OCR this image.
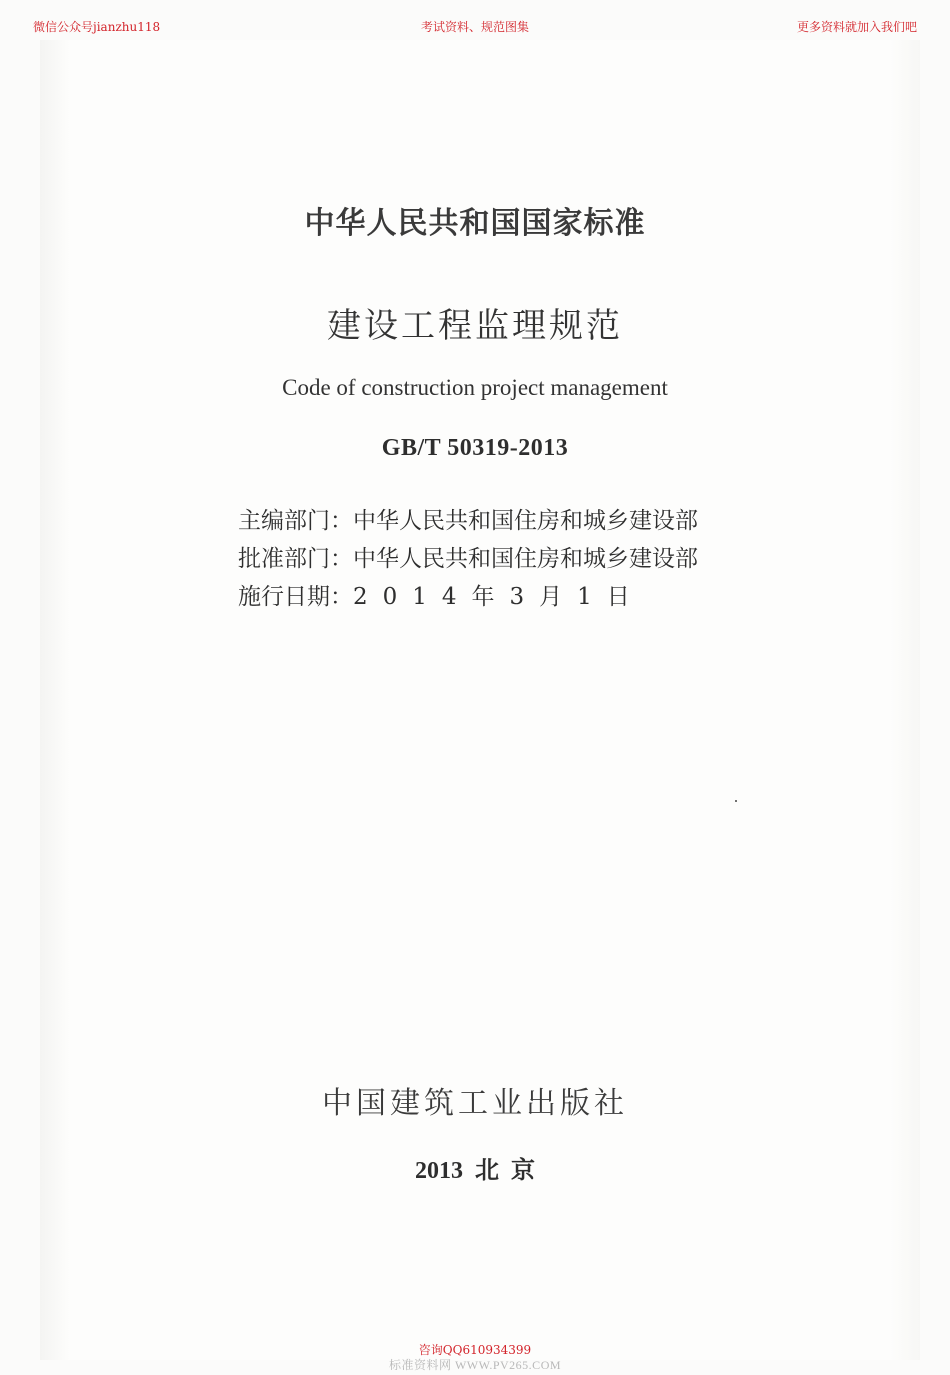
微信公众号jianzhu118	考试资料、规范图集	更多资料就加入我们吧
中华人民共和国国家标准
建设工程监理规范
Code of construction project management
GB/T 50319-2013
主编部门：中华人民共和国住房和城乡建设部
批准部门：中华人民共和国住房和城乡建设部
施行日期：2014年3月1日
中国建筑工业出版社
2013 北 京
咨询QQ610934399
标准资料网 WWW.PV265.COM
